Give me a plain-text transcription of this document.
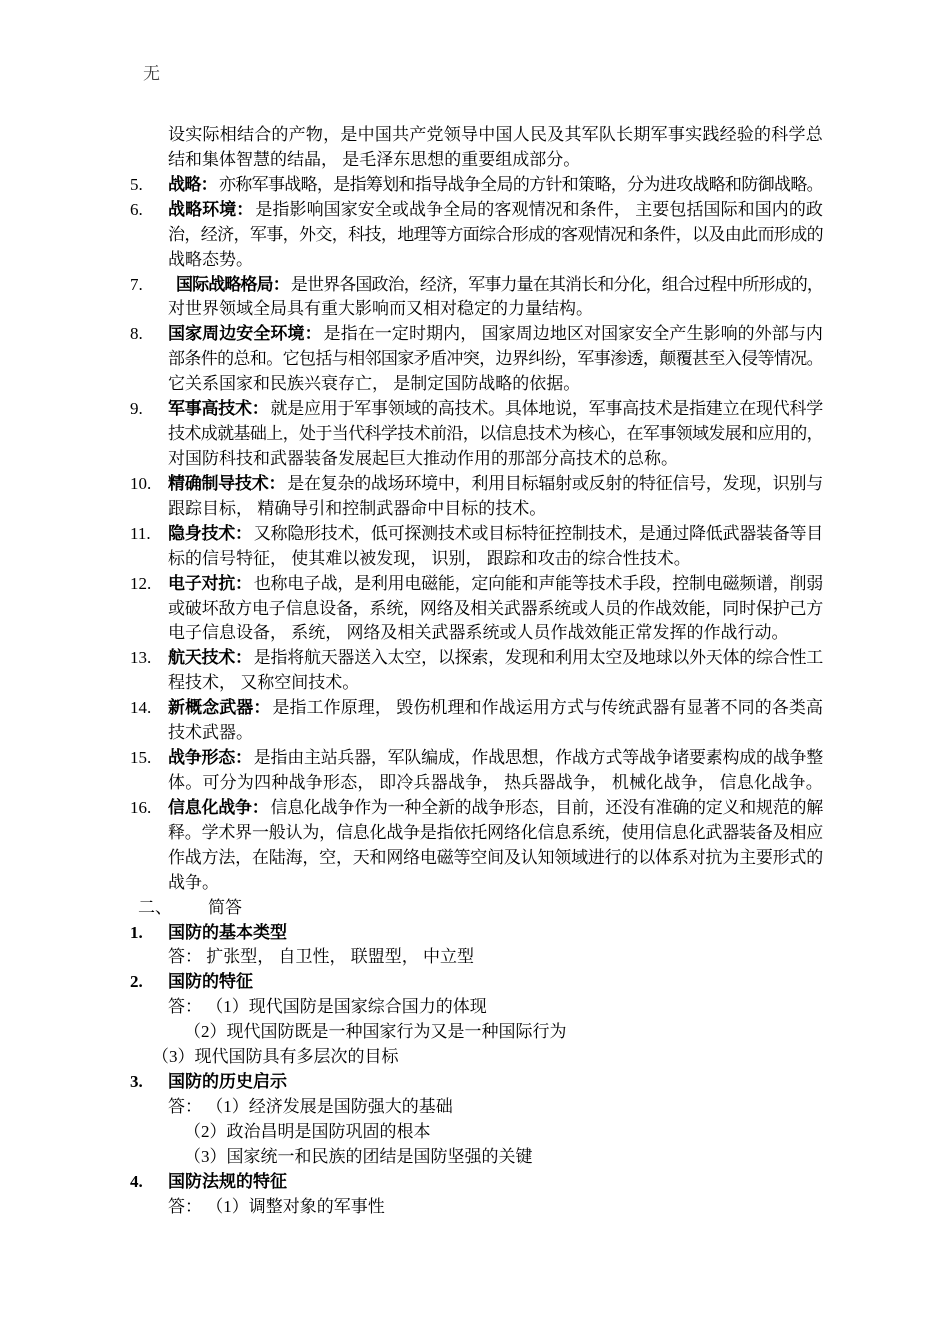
无
设实际相结合的产物，是中国共产党领导中国人民及其军队长期军事实践经验的科学总
结和集体智慧的结晶， 是毛泽东思想的重要组成部分。
5. 战略： 亦称军事战略，是指筹划和指导战争全局的方针和策略，分为进攻战略和防御战略。
6. 战略环境： 是指影响国家安全或战争全局的客观情况和条件， 主要包括国际和国内的政
治，经济，军事，外交，科技，地理等方面综合形成的客观情况和条件，以及由此而形成的
战略态势。
7. 国际战略格局： 是世界各国政治，经济，军事力量在其消长和分化，组合过程中所形成的，
对世界领域全局具有重大影响而又相对稳定的力量结构。
8. 国家周边安全环境： 是指在一定时期内， 国家周边地区对国家安全产生影响的外部与内
部条件的总和。它包括与相邻国家矛盾冲突，边界纠纷，军事渗透，颠覆甚至入侵等情况。
它关系国家和民族兴衰存亡， 是制定国防战略的依据。
9. 军事高技术： 就是应用于军事领域的高技术。具体地说，军事高技术是指建立在现代科学
技术成就基础上，处于当代科学技术前沿，以信息技术为核心，在军事领域发展和应用的，
对国防科技和武器装备发展起巨大推动作用的那部分高技术的总称。
10. 精确制导技术： 是在复杂的战场环境中，利用目标辐射或反射的特征信号，发现，识别与
跟踪目标， 精确导引和控制武器命中目标的技术。
11. 隐身技术： 又称隐形技术，低可探测技术或目标特征控制技术，是通过降低武器装备等目
标的信号特征， 使其难以被发现， 识别， 跟踪和攻击的综合性技术。
12. 电子对抗： 也称电子战，是利用电磁能，定向能和声能等技术手段，控制电磁频谱，削弱
或破坏敌方电子信息设备，系统，网络及相关武器系统或人员的作战效能，同时保护己方
电子信息设备， 系统， 网络及相关武器系统或人员作战效能正常发挥的作战行动。
13. 航天技术： 是指将航天器送入太空，以探索，发现和利用太空及地球以外天体的综合性工
程技术， 又称空间技术。
14. 新概念武器： 是指工作原理， 毁伤机理和作战运用方式与传统武器有显著不同的各类高
技术武器。
15. 战争形态： 是指由主站兵器，军队编成，作战思想，作战方式等战争诸要素构成的战争整
体。可分为四种战争形态， 即冷兵器战争， 热兵器战争， 机械化战争， 信息化战争。
16. 信息化战争： 信息化战争作为一种全新的战争形态，目前，还没有准确的定义和规范的解
释。学术界一般认为，信息化战争是指依托网络化信息系统，使用信息化武器装备及相应
作战方法，在陆海，空，天和网络电磁等空间及认知领域进行的以体系对抗为主要形式的
战争。
二、 简答
1. 国防的基本类型
答： 扩张型， 自卫性， 联盟型， 中立型
2. 国防的特征
答： （1）现代国防是国家综合国力的体现
（2）现代国防既是一种国家行为又是一种国际行为
（3）现代国防具有多层次的目标
3. 国防的历史启示
答： （1）经济发展是国防强大的基础
（2）政治昌明是国防巩固的根本
（3）国家统一和民族的团结是国防坚强的关键
4. 国防法规的特征
答： （1）调整对象的军事性
